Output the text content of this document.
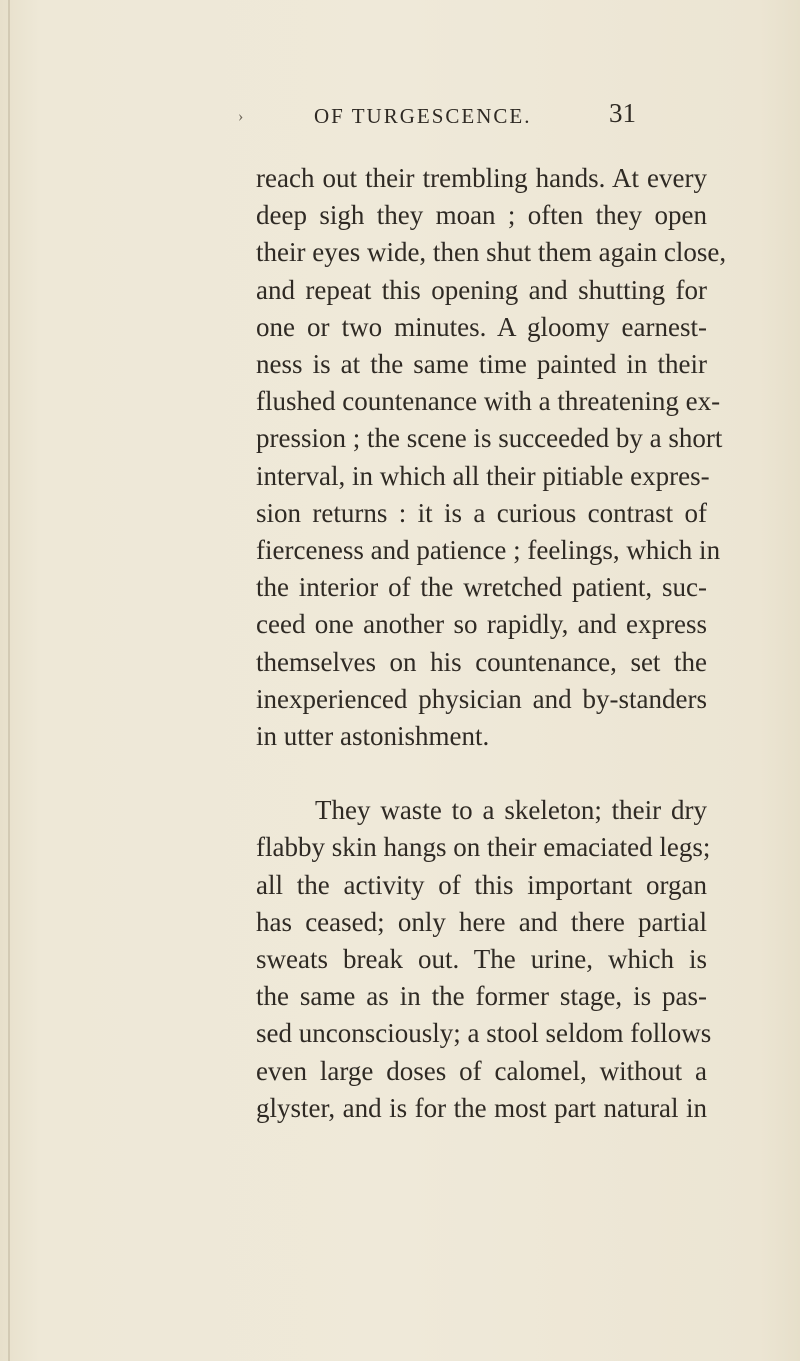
›	OF TURGESCENCE.	31
reach out their trembling hands. At every
deep sigh they moan ; often they open
their eyes wide, then shut them again close,
and repeat this opening and shutting for
one or two minutes. A gloomy earnest-
ness is at the same time painted in their
flushed countenance with a threatening ex-
pression ; the scene is succeeded by a short
interval, in which all their pitiable expres-
sion returns : it is a curious contrast of
fierceness and patience ; feelings, which in
the interior of the wretched patient, suc-
ceed one another so rapidly, and express
themselves on his countenance, set the
inexperienced physician and by-standers
in utter astonishment.
They waste to a skeleton; their dry
flabby skin hangs on their emaciated legs;
all the activity of this important organ
has ceased; only here and there partial
sweats break out. The urine, which is
the same as in the former stage, is pas-
sed unconsciously; a stool seldom follows
even large doses of calomel, without a
glyster, and is for the most part natural in
